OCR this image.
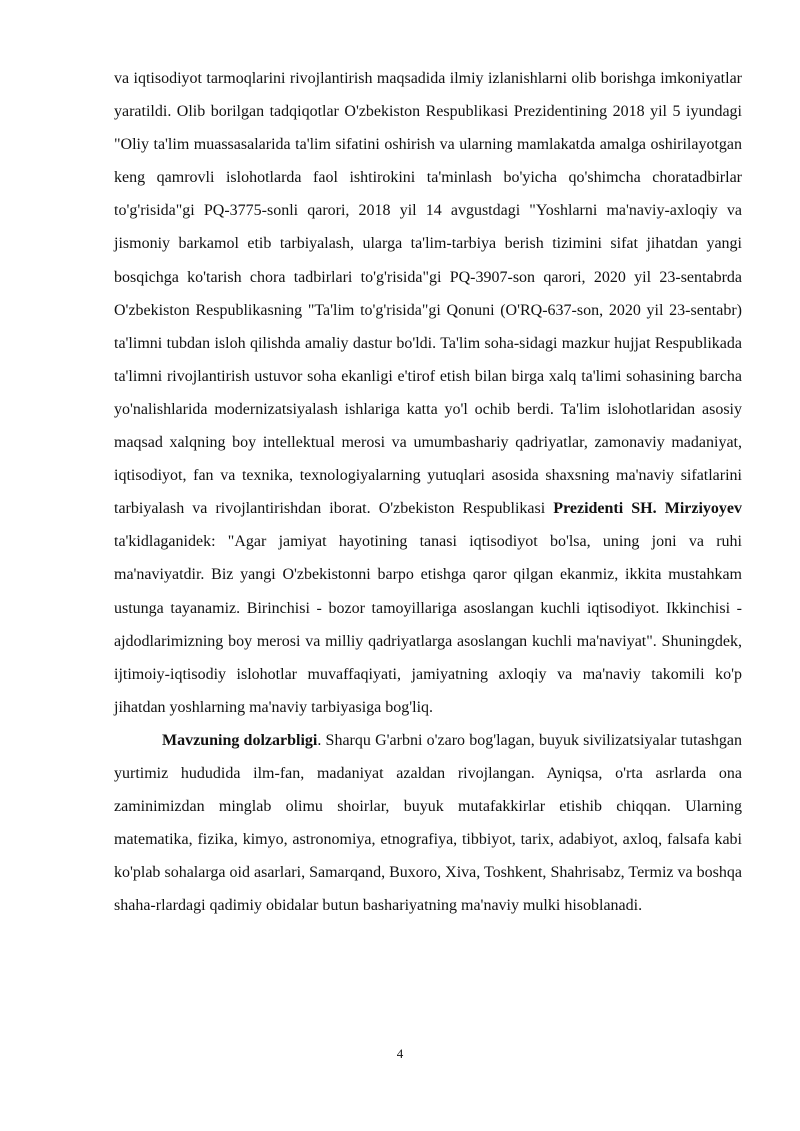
va iqtisodiyot tarmoqlarini rivojlantirish maqsadida ilmiy izlanishlarni olib borishga imkoniyatlar yaratildi. Olib borilgan tadqiqotlar O'zbekiston Respublikasi Prezidentining 2018 yil 5 iyundagi "Oliy ta'lim muassasalarida ta'lim sifatini oshirish va ularning mamlakatda amalga oshirilayotgan keng qamrovli islohotlarda faol ishtirokini ta'minlash bo'yicha qo'shimcha choratadbirlar to'g'risida"gi PQ-3775-sonli qarori, 2018 yil 14 avgustdagi "Yoshlarni ma'naviy-axloqiy va jismoniy barkamol etib tarbiyalash, ularga ta'lim-tarbiya berish tizimini sifat jihatdan yangi bosqichga ko'tarish chora tadbirlari to'g'risida"gi PQ-3907-son qarori, 2020 yil 23-sentabrda O'zbekiston Respublikasning "Ta'lim to'g'risida"gi Qonuni (O'RQ-637-son, 2020 yil 23-sentabr) ta'limni tubdan isloh qilishda amaliy dastur bo'ldi. Ta'lim soha-sidagi mazkur hujjat Respublikada ta'limni rivojlantirish ustuvor soha ekanligi e'tirof etish bilan birga xalq ta'limi sohasining barcha yo'nalishlarida modernizatsiyalash ishlariga katta yo'l ochib berdi. Ta'lim islohotlaridan asosiy maqsad xalqning boy intellektual merosi va umumbashariy qadriyatlar, zamonaviy madaniyat, iqtisodiyot, fan va texnika, texnologiyalarning yutuqlari asosida shaxsning ma'naviy sifatlarini tarbiyalash va rivojlantirishdan iborat. O'zbekiston Respublikasi Prezidenti SH. Mirziyoyev ta'kidlaganidek: "Agar jamiyat hayotining tanasi iqtisodiyot bo'lsa, uning joni va ruhi ma'naviyatdir. Biz yangi O'zbekistonni barpo etishga qaror qilgan ekanmiz, ikkita mustahkam ustunga tayanamiz. Birinchisi - bozor tamoyillariga asoslangan kuchli iqtisodiyot. Ikkinchisi - ajdodlarimizning boy merosi va milliy qadriyatlarga asoslangan kuchli ma'naviyat". Shuningdek, ijtimoiy-iqtisodiy islohotlar muvaffaqiyati, jamiyatning axloqiy va ma'naviy takomili ko'p jihatdan yoshlarning ma'naviy tarbiyasiga bog'liq.

Mavzuning dolzarbligi. Sharqu G'arbni o'zaro bog'lagan, buyuk sivilizatsiyalar tutashgan yurtimiz hududida ilm-fan, madaniyat azaldan rivojlangan. Ayniqsa, o'rta asrlarda ona zaminimizdan minglab olimu shoirlar, buyuk mutafakkirlar etishib chiqqan. Ularning matematika, fizika, kimyo, astronomiya, etnografiya, tibbiyot, tarix, adabiyot, axloq, falsafa kabi ko'plab sohalarga oid asarlari, Samarqand, Buxoro, Xiva, Toshkent, Shahrisabz, Termiz va boshqa shaha-rlardagi qadimiy obidalar butun bashariyatning ma'naviy mulki hisoblanadi.

4
